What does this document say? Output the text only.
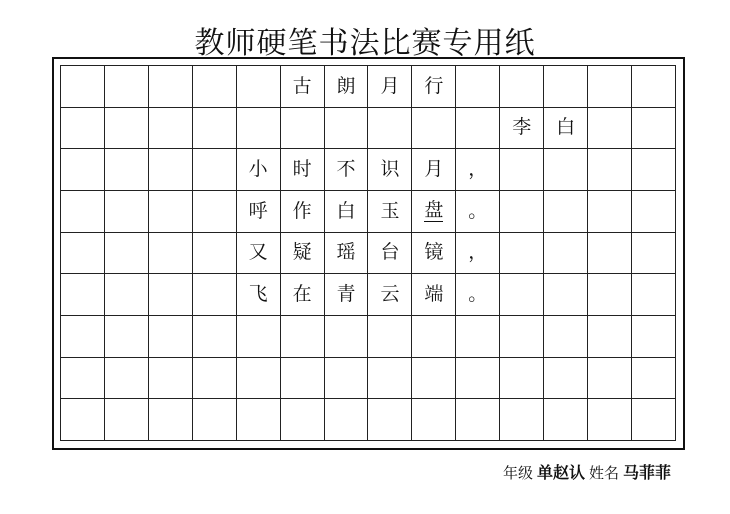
教师硬笔书法比赛专用纸
古 朗 月 行
李 白
小 时 不 识 月 ，
呼 作 白 玉 盘 。
又 疑 瑶 台 镜 ，
飞 在 青 云 端 。
年级 单赵认 姓名 马菲菲
